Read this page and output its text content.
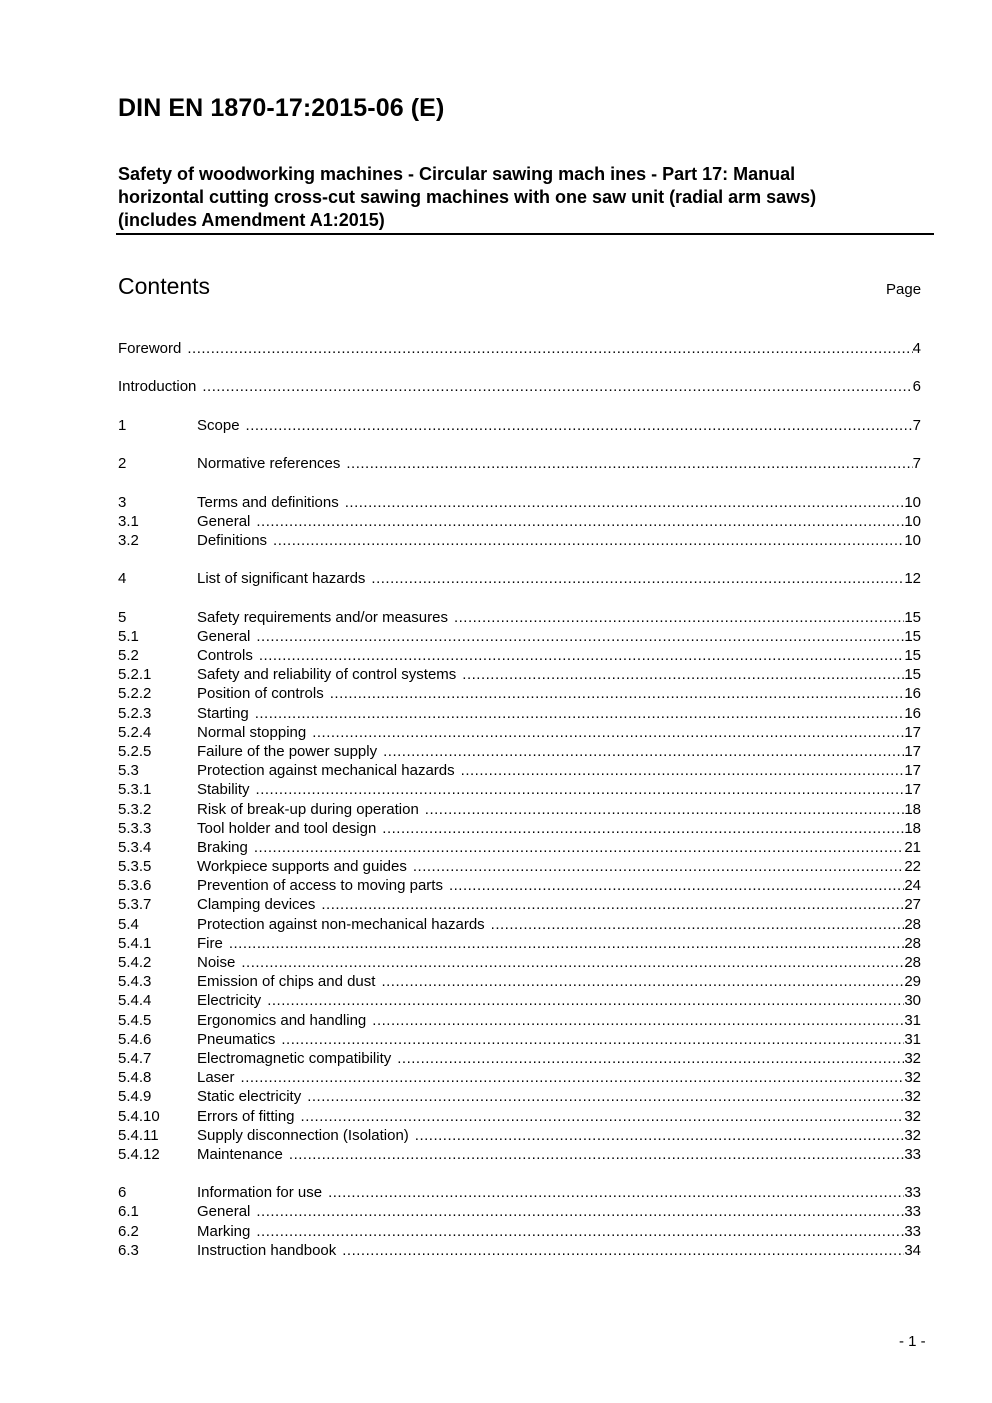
DIN EN 1870-17:2015-06 (E)
Safety of woodworking machines - Circular sawing mach ines - Part 17: Manual
horizontal cutting cross-cut sawing machines with one saw unit (radial arm saws)
(includes Amendment A1:2015)
Contents	Page
Foreword .....	4
Introduction .....	6
1	Scope .....	7
2	Normative references .....	7
3	Terms and definitions .....	10
3.1	General .....	10
3.2	Definitions .....	10
4	List of significant hazards .....	12
5	Safety requirements and/or measures .....	15
5.1	General .....	15
5.2	Controls .....	15
5.2.1	Safety and reliability of control systems .....	15
5.2.2	Position of controls .....	16
5.2.3	Starting .....	16
5.2.4	Normal stopping .....	17
5.2.5	Failure of the power supply .....	17
5.3	Protection against mechanical hazards .....	17
5.3.1	Stability .....	17
5.3.2	Risk of break-up during operation .....	18
5.3.3	Tool holder and tool design .....	18
5.3.4	Braking .....	21
5.3.5	Workpiece supports and guides .....	22
5.3.6	Prevention of access to moving parts .....	24
5.3.7	Clamping devices .....	27
5.4	Protection against non-mechanical hazards .....	28
5.4.1	Fire .....	28
5.4.2	Noise .....	28
5.4.3	Emission of chips and dust .....	29
5.4.4	Electricity .....	30
5.4.5	Ergonomics and handling .....	31
5.4.6	Pneumatics .....	31
5.4.7	Electromagnetic compatibility .....	32
5.4.8	Laser .....	32
5.4.9	Static electricity .....	32
5.4.10 Errors of fitting .....	32
5.4.11	Supply disconnection (Isolation) .....	32
5.4.12 Maintenance .....	33
6	Information for use .....	33
6.1	General .....	33
6.2	Marking .....	33
6.3	Instruction handbook .....	34
- 1 -
